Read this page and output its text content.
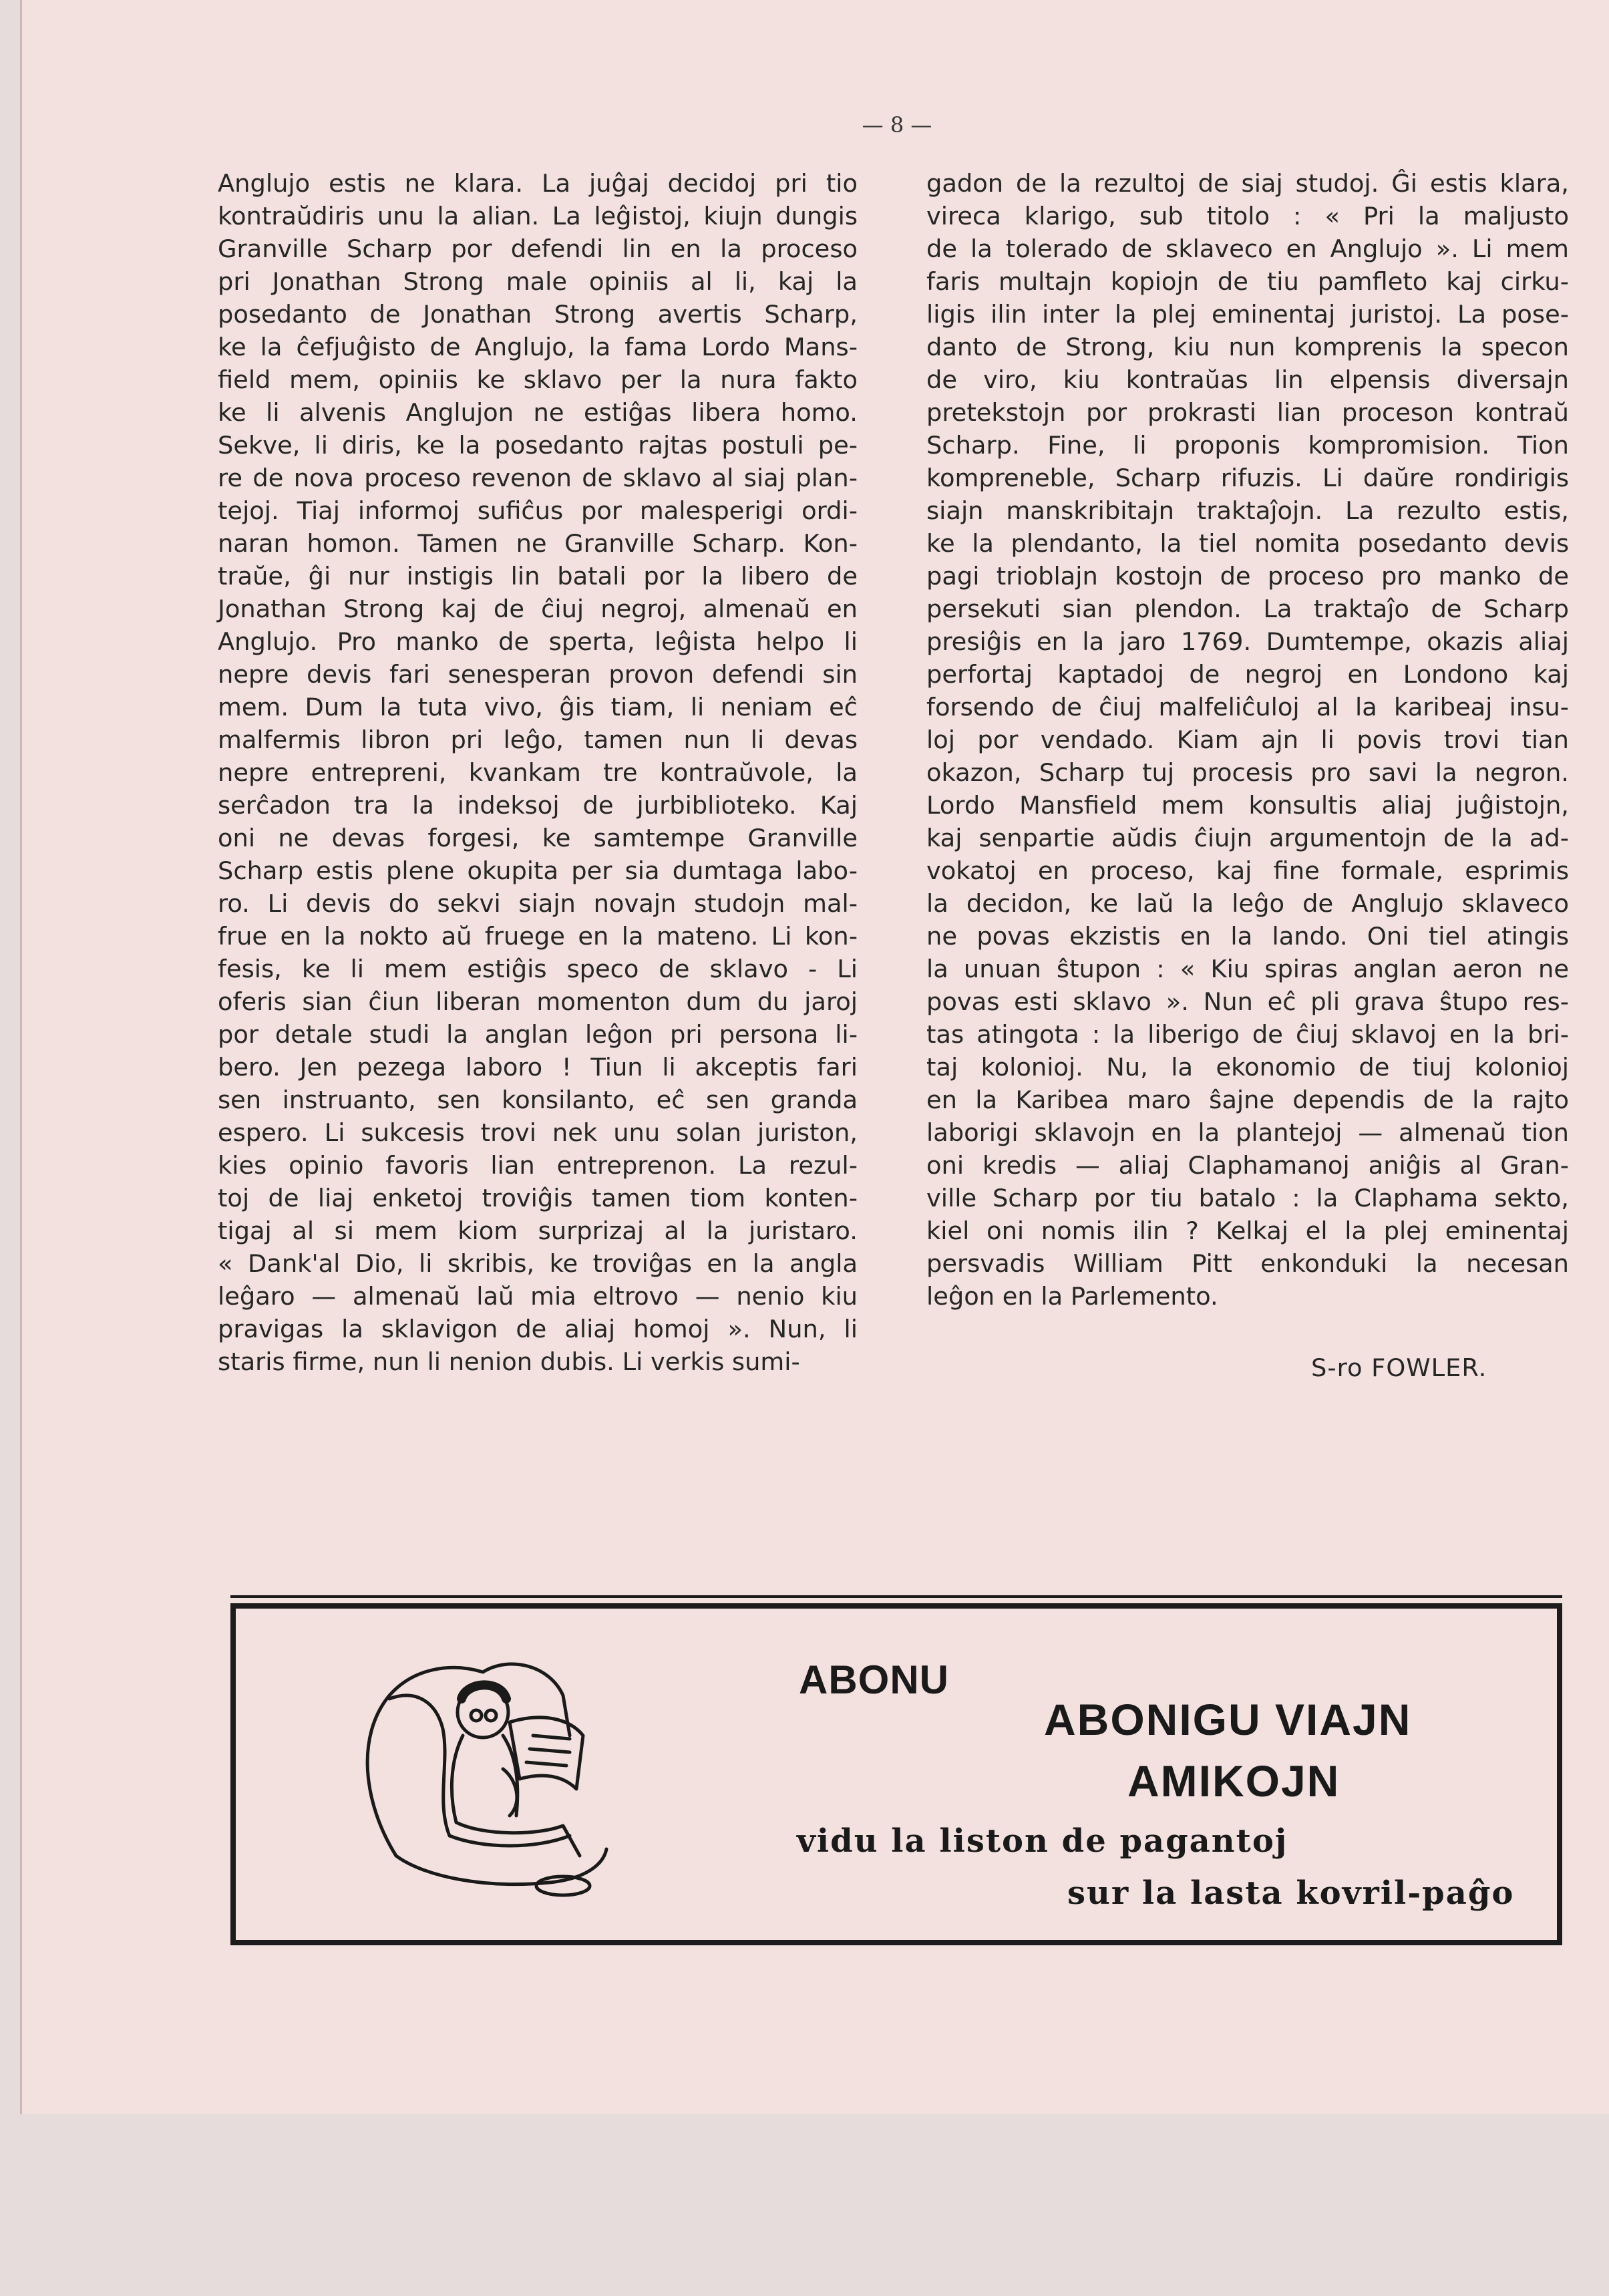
— 8 —

Anglujo estis ne klara. La juĝaj decidoj pri tio

kontraŭdiris unu la alian. La leĝistoj, kiujn dungis

Granville Scharp por defendi lin en la proceso

pri Jonathan Strong male opiniis al li, kaj la

posedanto de Jonathan Strong avertis Scharp,

ke la ĉefjuĝisto de Anglujo, la fama Lordo Mans-

field mem, opiniis ke sklavo per la nura fakto

ke li alvenis Anglujon ne estiĝas libera homo.

Sekve, li diris, ke la posedanto rajtas postuli pe-

re de nova proceso revenon de sklavo al siaj plan-

tejoj. Tiaj informoj sufiĉus por malesperigi ordi-

naran homon. Tamen ne Granville Scharp. Kon-

traŭe, ĝi nur instigis lin batali por la libero de

Jonathan Strong kaj de ĉiuj negroj, almenaŭ en

Anglujo. Pro manko de sperta, leĝista helpo li

nepre devis fari senesperan provon defendi sin

mem. Dum la tuta vivo, ĝis tiam, li neniam eĉ

malfermis libron pri leĝo, tamen nun li devas

nepre entrepreni, kvankam tre kontraŭvole, la

serĉadon tra la indeksoj de jurbiblioteko. Kaj

oni ne devas forgesi, ke samtempe Granville

Scharp estis plene okupita per sia dumtaga labo-

ro. Li devis do sekvi siajn novajn studojn mal-

frue en la nokto aŭ fruege en la mateno. Li kon-

fesis, ke li mem estiĝis speco de sklavo - Li

oferis sian ĉiun liberan momenton dum du jaroj

por detale studi la anglan leĝon pri persona li-

bero. Jen pezega laboro ! Tiun li akceptis fari

sen instruanto, sen konsilanto, eĉ sen granda

espero. Li sukcesis trovi nek unu solan juriston,

kies opinio favoris lian entreprenon. La rezul-

toj de liaj enketoj troviĝis tamen tiom konten-

tigaj al si mem kiom surprizaj al la juristaro.

« Dank'al Dio, li skribis, ke troviĝas en la angla

leĝaro — almenaŭ laŭ mia eltrovo — nenio kiu

pravigas la sklavigon de aliaj homoj ». Nun, li

staris firme, nun li nenion dubis. Li verkis sumi-

gadon de la rezultoj de siaj studoj. Ĝi estis klara,

vireca klarigo, sub titolo : « Pri la maljusto

de la tolerado de sklaveco en Anglujo ». Li mem

faris multajn kopiojn de tiu pamfleto kaj cirku-

ligis ilin inter la plej eminentaj juristoj. La pose-

danto de Strong, kiu nun komprenis la specon

de viro, kiu kontraŭas lin elpensis diversajn

pretekstojn por prokrasti lian proceson kontraŭ

Scharp. Fine, li proponis kompromision. Tion

kompreneble, Scharp rifuzis. Li daŭre rondirigis

siajn manskribitajn traktaĵojn. La rezulto estis,

ke la plendanto, la tiel nomita posedanto devis

pagi trioblajn kostojn de proceso pro manko de

persekuti sian plendon. La traktaĵo de Scharp

presiĝis en la jaro 1769. Dumtempe, okazis aliaj

perfortaj kaptadoj de negroj en Londono kaj

forsendo de ĉiuj malfeliĉuloj al la karibeaj insu-

loj por vendado. Kiam ajn li povis trovi tian

okazon, Scharp tuj procesis pro savi la negron.

Lordo Mansfield mem konsultis aliaj juĝistojn,

kaj senpartie aŭdis ĉiujn argumentojn de la ad-

vokatoj en proceso, kaj fine formale, esprimis

la decidon, ke laŭ la leĝo de Anglujo sklaveco

ne povas ekzistis en la lando. Oni tiel atingis

la unuan ŝtupon : « Kiu spiras anglan aeron ne

povas esti sklavo ». Nun eĉ pli grava ŝtupo res-

tas atingota : la liberigo de ĉiuj sklavoj en la bri-

taj kolonioj. Nu, la ekonomio de tiuj kolonioj

en la Karibea maro ŝajne dependis de la rajto

laborigi sklavojn en la plantejoj — almenaŭ tion

oni kredis — aliaj Claphamanoj aniĝis al Gran-

ville Scharp por tiu batalo : la Claphama sekto,

kiel oni nomis ilin ? Kelkaj el la plej eminentaj

persvadis William Pitt enkonduki la necesan

leĝon en la Parlemento.

S-ro FOWLER.
ABONU
ABONIGU VIAJN
AMIKOJN
vidu la liston de pagantoj
sur la lasta kovril-paĝo
